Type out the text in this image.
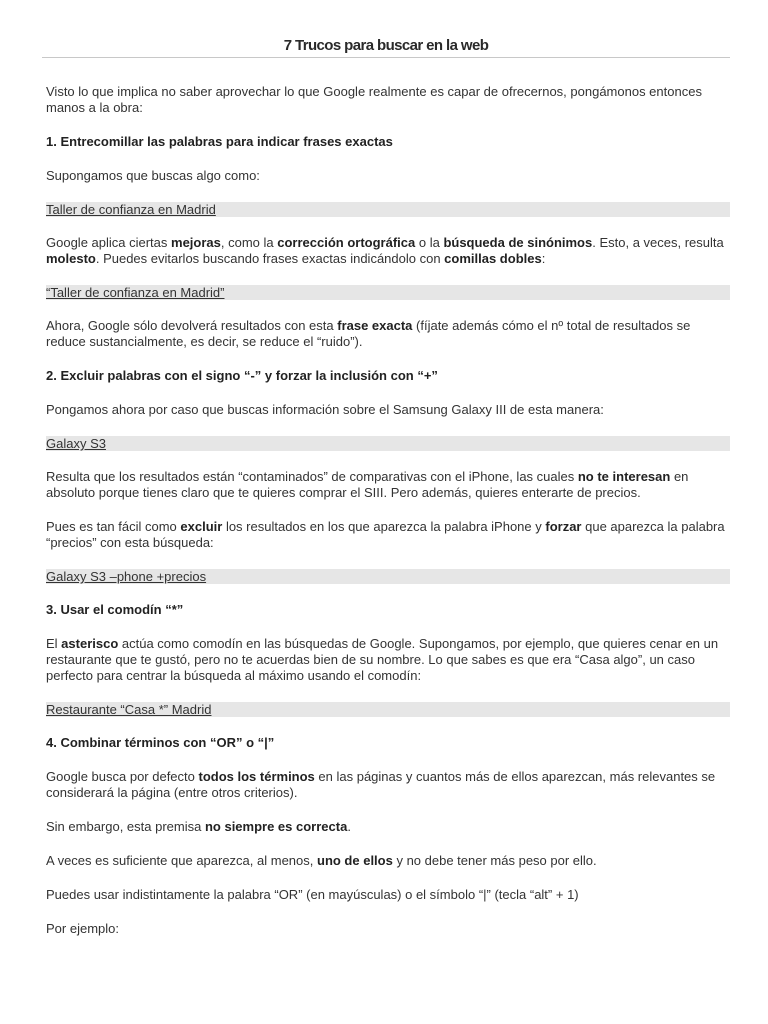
7 Trucos para buscar en la web

Visto lo que implica no saber aprovechar lo que Google realmente es capar de ofrecernos, pongámonos entonces manos a la obra:

1. Entrecomillar las palabras para indicar frases exactas

Supongamos que buscas algo como:

Taller de confianza en Madrid

Google aplica ciertas mejoras, como la corrección ortográfica o la búsqueda de sinónimos. Esto, a veces, resulta molesto. Puedes evitarlos buscando frases exactas indicándolo con comillas dobles:

“Taller de confianza en Madrid”

Ahora, Google sólo devolverá resultados con esta frase exacta (fíjate además cómo el nº total de resultados se reduce sustancialmente, es decir, se reduce el “ruido”).

2. Excluir palabras con el signo “-” y forzar la inclusión con “+”

Pongamos ahora por caso que buscas información sobre el Samsung Galaxy III de esta manera:

Galaxy S3

Resulta que los resultados están “contaminados” de comparativas con el iPhone, las cuales no te interesan en absoluto porque tienes claro que te quieres comprar el SIII. Pero además, quieres enterarte de precios.

Pues es tan fácil como excluir los resultados en los que aparezca la palabra iPhone y forzar que aparezca la palabra “precios” con esta búsqueda:

Galaxy S3 –phone +precios

3. Usar el comodín “*”

El asterisco actúa como comodín en las búsquedas de Google. Supongamos, por ejemplo, que quieres cenar en un restaurante que te gustó, pero no te acuerdas bien de su nombre. Lo que sabes es que era “Casa algo”, un caso perfecto para centrar la búsqueda al máximo usando el comodín:

Restaurante “Casa *” Madrid

4. Combinar términos con “OR” o “|”

Google busca por defecto todos los términos en las páginas y cuantos más de ellos aparezcan, más relevantes se considerará la página (entre otros criterios).

Sin embargo, esta premisa no siempre es correcta.

A veces es suficiente que aparezca, al menos, uno de ellos y no debe tener más peso por ello.

Puedes usar indistintamente la palabra “OR” (en mayúsculas) o el símbolo “|” (tecla “alt” + 1)

Por ejemplo:
